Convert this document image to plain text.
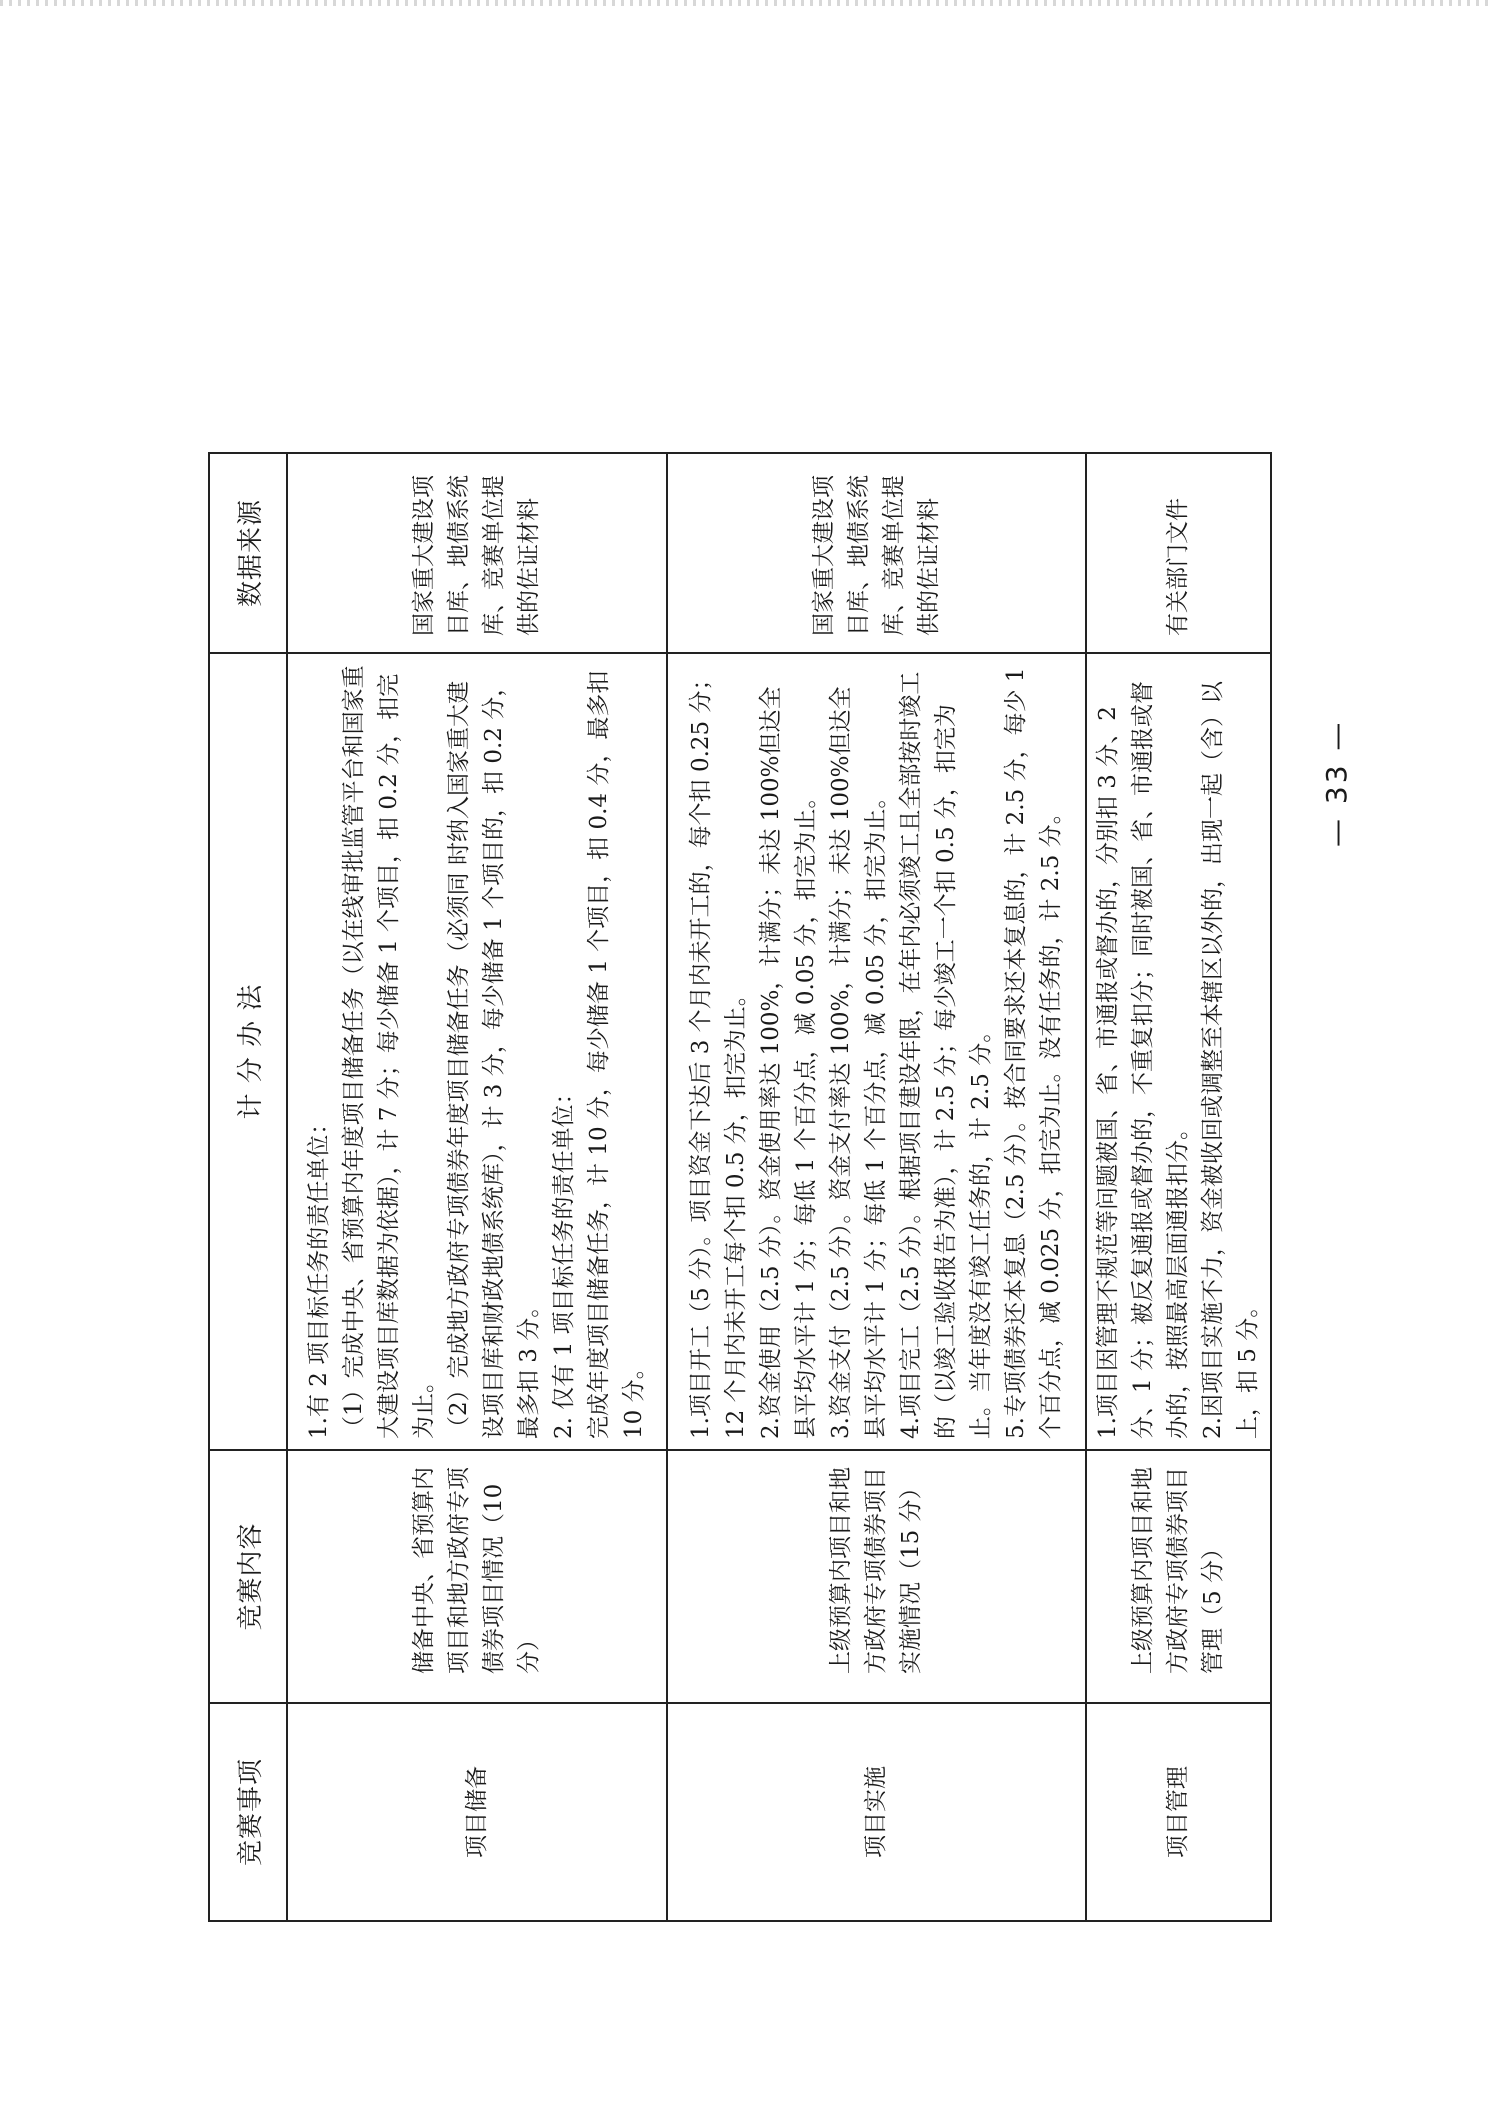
竞赛事项	竞赛内容	计 分 办 法	数据来源
项目储备	储备中央、省预算内项目和地方政府专项债券项目情况（10分）	1.有 2 项目标任务的责任单位： （1）完成中央、省预算内年度项目储备任务（以在线审批监管平台和国家重大建设项目库数据为依据），计 7 分；每少储备 1 个项目，扣 0.2 分，扣完为止。 （2）完成地方政府专项债券年度项目储备任务（必须同 时纳入国家重大建设项目库和财政地债系统库），计 3 分，每少储备 1 个项目的，扣 0.2 分，最多扣 3 分。 2. 仅有 1 项目标任务的责任单位： 完成年度项目储备任务，计 10 分，每少储备 1 个项目，扣 0.4 分，最多扣 10 分。	国家重大建设项目库、地债系统库、竞赛单位提供的佐证材料
项目实施	上级预算内项目和地方政府专项债券项目实施情况（15 分）	1.项目开工（5 分）。项目资金下达后 3 个月内未开工的，每个扣 0.25 分；12 个月内未开工每个扣 0.5 分，扣完为止。 2.资金使用（2.5 分）。资金使用率达 100%，计满分；未达 100%但达全县平均水平计 1 分；每低 1 个百分点，减 0.05 分，扣完为止。 3.资金支付（2.5 分）。资金支付率达 100%，计满分；未达 100%但达全县平均水平计 1 分；每低 1 个百分点，减 0.05 分，扣完为止。 4.项目完工（2.5 分）。根据项目建设年限，在年内必须竣工且全部按时竣工的（以竣工验收报告为准），计 2.5 分；每少竣工一个扣 0.5 分，扣完为止。当年度没有竣工任务的，计 2.5 分。 5.专项债券还本复息（2.5 分）。按合同要求还本复息的，计 2.5 分，每少 1 个百分点，减 0.025 分，扣完为止。没有任务的，计 2.5 分。	国家重大建设项目库、地债系统库、竞赛单位提供的佐证材料
项目管理	上级预算内项目和地方政府专项债券项目管理（5 分）	1.项目因管理不规范等问题被国、省、市通报或督办的，分别扣 3 分、2 分、1 分；被反复通报或督办的，不重复扣分；同时被国、省、市通报或督办的，按照最高层面通报扣分。 2.因项目实施不力，资金被收回或调整至本辖区以外的，出现一起（含）以上，扣 5 分。	有关部门文件
— 33 —
